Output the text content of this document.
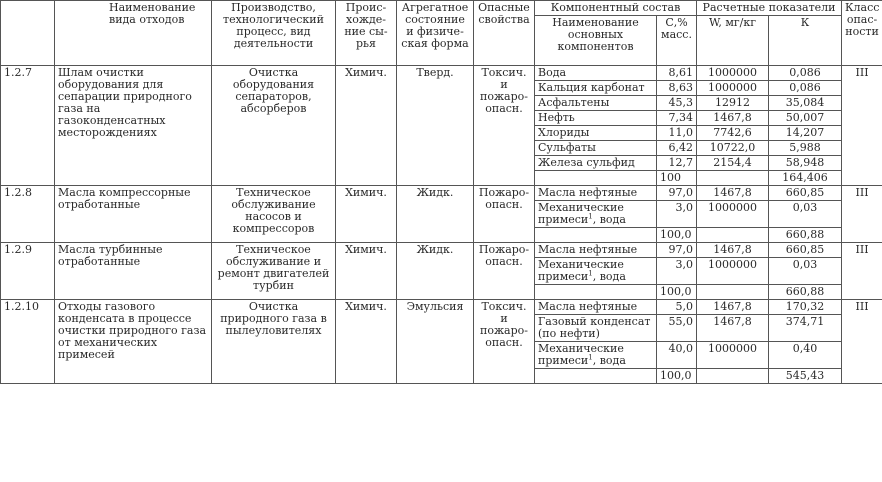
	Наименование вида отходов	Производство, технологический процесс, вид деятельности	Проис-хожде-ние сы-рья	Агрегатное состояние и физиче-ская форма	Опасные свойства	Компонентный состав		Расчетные показатели		Класс опас-ности
						Наименование основных компонентов	С,% масс.	W, мг/кг	К	
1.2.7	Шлам очистки оборудования для сепарации природного газа на газоконденсатных месторождениях	Очистка оборудования сепараторов, абсорберов	Химич.	Тверд.	Токсич. и пожаро-опасн.	Вода	8,61	1000000	0,086	III
						Кальция карбонат	8,63	1000000	0,086	
						Асфальтены	45,3	12912	35,084	
						Нефть	7,34	1467,8	50,007	
						Хлориды	11,0	7742,6	14,207	
						Сульфаты	6,42	10722,0	5,988	
						Железа сульфид	12,7	2154,4	58,948	
							100		164,406	
1.2.8	Масла компрессорные отработанные	Техническое обслуживание насосов и компрессоров	Химич.	Жидк.	Пожаро-опасн.	Масла нефтяные	97,0	1467,8	660,85	III
						Механические примеси$^1$, вода	3,0	1000000	0,03	
							100,0		660,88	
1.2.9	Масла турбинные отработанные	Техническое обслуживание и ремонт двигателей турбин	Химич.	Жидк.	Пожаро-опасн.	Масла нефтяные	97,0	1467,8	660,85	III
						Механические примеси$^1$, вода	3,0	1000000	0,03	
							100,0		660,88	
1.2.10	Отходы газового конденсата в процессе очистки природного газа от механических примесей	Очистка природного газа в пылеуловителях	Химич.	Эмульсия	Токсич. и пожаро-опасн.	Масла нефтяные	5,0	1467,8	170,32	III
						Газовый конденсат (по нефти)	55,0	1467,8	374,71	
						Механические примеси$^1$, вода	40,0	1000000	0,40	
							100,0		545,43	
